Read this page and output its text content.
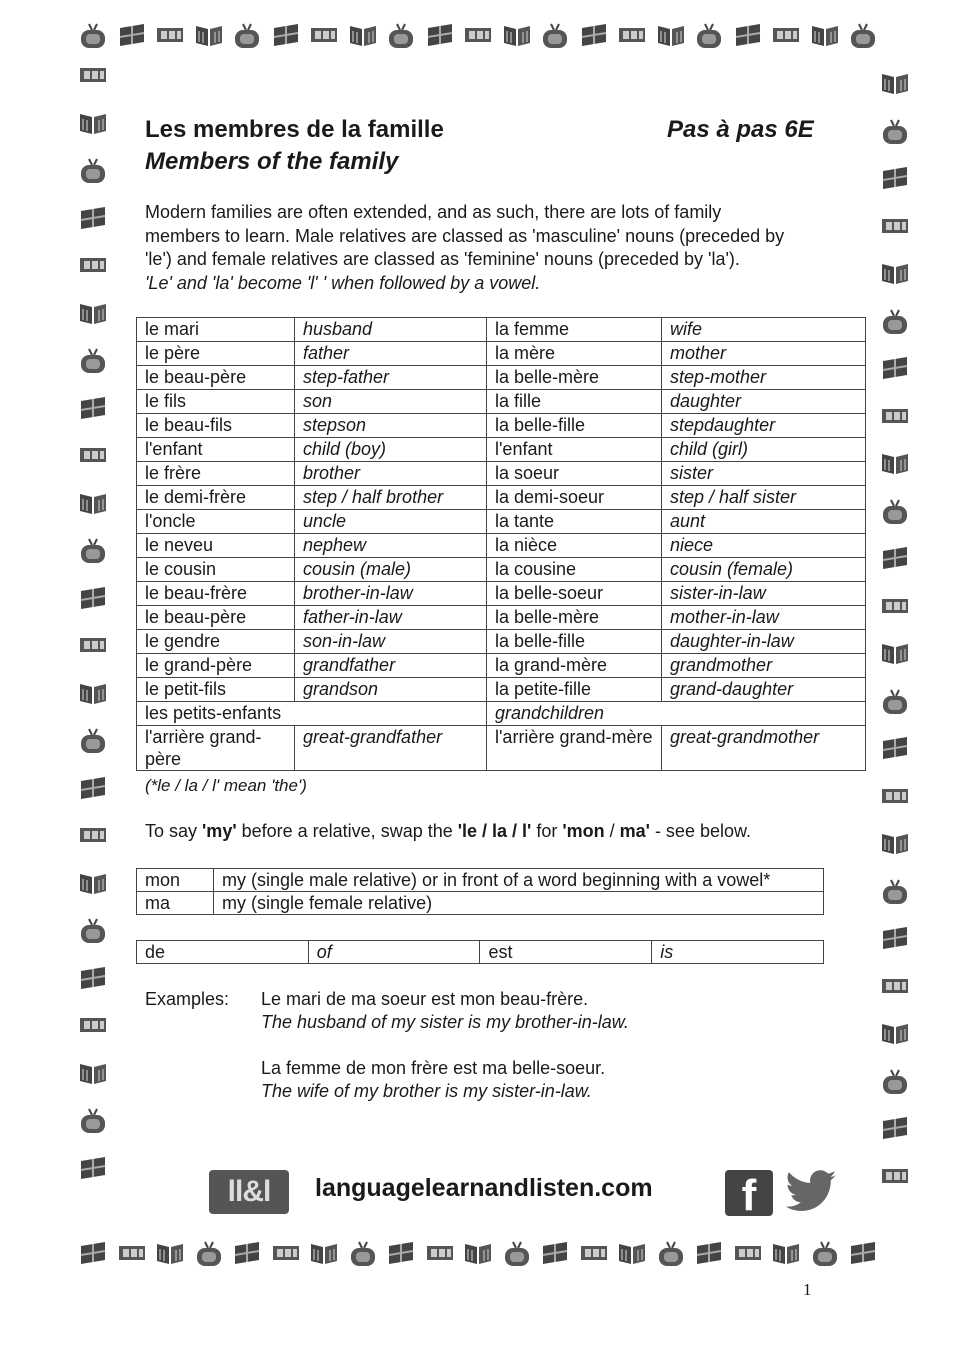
Les membres de la famille
Members of the family
Pas à pas 6E

Modern families are often extended, and as such, there are lots of family

members to learn. Male relatives are classed as 'masculine' nouns (preceded by

'le') and female relatives are classed as 'feminine' nouns (preceded by 'la').

'Le' and 'la' become 'l' ' when followed by a vowel.

le mari	husband	la femme	wife
le père	father	la mère	mother
le beau-père	step-father	la belle-mère	step-mother
le fils	son	la fille	daughter
le beau-fils	stepson	la belle-fille	stepdaughter
l'enfant	child (boy)	l'enfant	child (girl)
le frère	brother	la soeur	sister
le demi-frère	step / half brother	la demi-soeur	step / half sister
l'oncle	uncle	la tante	aunt
le neveu	nephew	la nièce	niece
le cousin	cousin (male)	la cousine	cousin (female)
le beau-frère	brother-in-law	la belle-soeur	sister-in-law
le beau-père	father-in-law	la belle-mère	mother-in-law
le gendre	son-in-law	la belle-fille	daughter-in-law
le grand-père	grandfather	la grand-mère	grandmother
le petit-fils	grandson	la petite-fille	grand-daughter
les petits-enfants		grandchildren	
l'arrière grand-père	great-grandfather	l'arrière grand-mère	great-grandmother
(*le / la / l' mean 'the')
To say 'my' before a relative, swap the 'le / la / l' for 'mon / ma' - see below.
mon	my (single male relative) or in front of a word beginning with a vowel*
ma	my (single female relative)
de	of	est	is
Examples: Le mari de ma soeur est mon beau-frère.
The husband of my sister is my brother-in-law.
La femme de mon frère est ma belle-soeur.
The wife of my brother is my sister-in-law.
ll&l	languagelearnandlisten.com	f
1
